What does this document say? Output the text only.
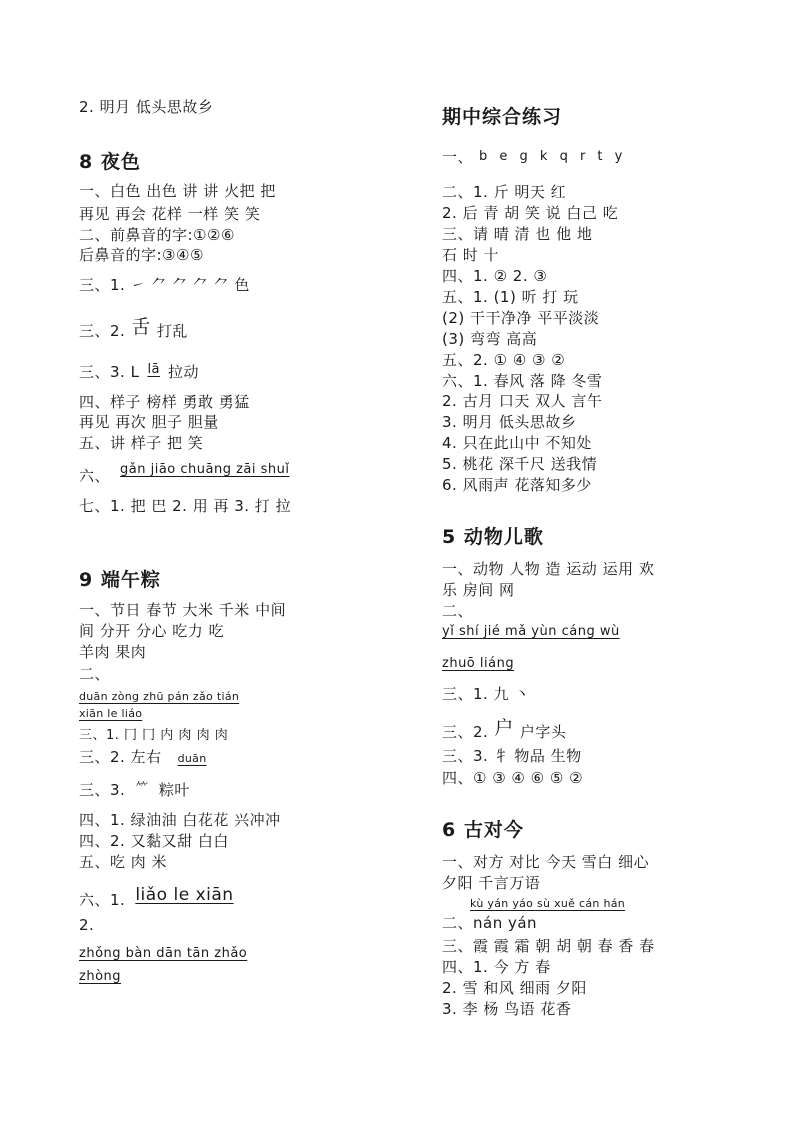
2. 明月 低头思故乡
8 夜色
一、白色 出色 讲 讲 火把 把
再见 再会 花样 一样 笑 笑
二、前鼻音的字:①②⑥
后鼻音的字:③④⑤
三、1. ㇀ ⺈ ⺈ ⺈ ⺈ 色
三、2. 舌 打乱
三、3. L lā 拉动
四、样子 榜样 勇敢 勇猛
再见 再次 胆子 胆量
五、讲 样子 把 笑
六、 gǎn jiāo chuāng zāi shuǐ
七、1. 把 巴 2. 用 再 3. 打 拉
9 端午粽
一、节日 春节 大米 千米 中间
间 分开 分心 吃力 吃
羊肉 果肉
二、
duān zòng zhū pán zǎo tián
xiān le liáo
三、1. 冂 冂 内 肉 肉 肉
三、2. 左右 duān
三、3. ⺮ 粽叶
四、1. 绿油油 白花花 兴冲冲
四、2. 又黏又甜 白白
五、吃 肉 米
六、1. liǎo le xiān
2.
zhǒng bàn dān tān zhǎo
zhòng
期中综合练习
一、 b e g k q r t y
二、1. 斤 明天 红
2. 后 青 胡 笑 说 白己 吃
三、请 晴 清 也 他 地
石 时 十
四、1. ② 2. ③
五、1. (1) 听 打 玩
(2) 干干净净 平平淡淡
(3) 弯弯 高高
五、2. ① ④ ③ ②
六、1. 春风 落 降 冬雪
2. 古月 口天 双人 言午
3. 明月 低头思故乡
4. 只在此山中 不知处
5. 桃花 深千尺 送我情
6. 风雨声 花落知多少
5 动物儿歌
一、动物 人物 造 运动 运用 欢
乐 房间 网
二、
yǐ shí jié mǎ yùn cáng wù
zhuō liáng
三、1. 九 丶
三、2. 户 户字头
三、3. 牜 物品 生物
四、① ③ ④ ⑥ ⑤ ②
6 古对今
一、对方 对比 今天 雪白 细心
夕阳 千言万语
kù yán yáo sù xuě cán hán
二、nán yán
三、霞 霞 霜 朝 胡 朝 春 香 春
四、1. 今 方 春
2. 雪 和风 细雨 夕阳
3. 李 杨 鸟语 花香
